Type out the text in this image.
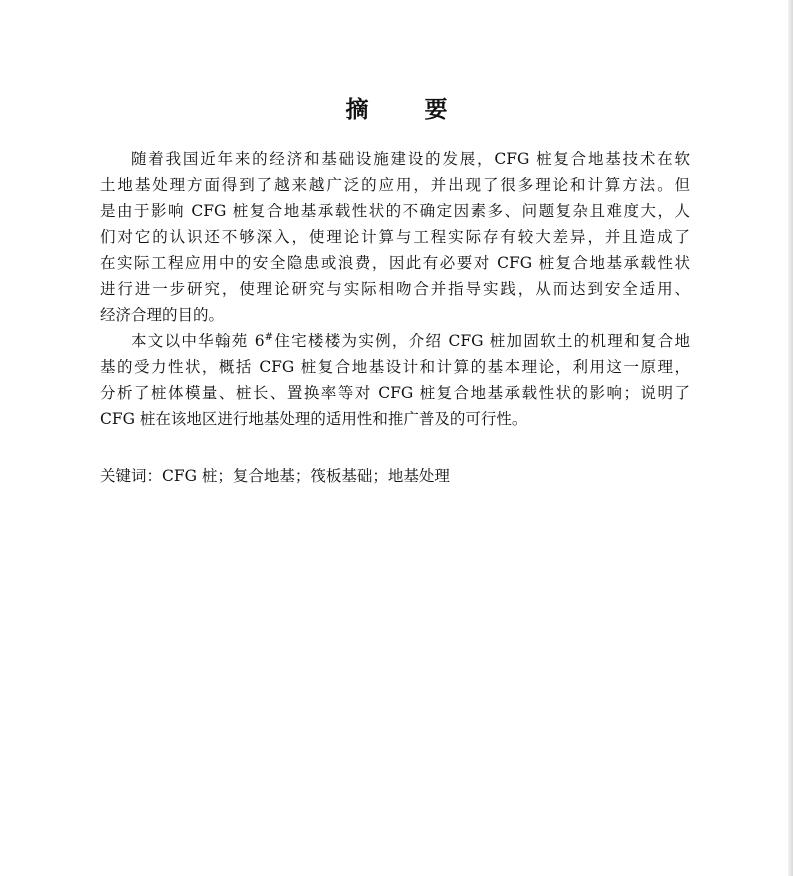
摘 要
随着我国近年来的经济和基础设施建设的发展，CFG 桩复合地基技术在软
土地基处理方面得到了越来越广泛的应用，并出现了很多理论和计算方法。但
是由于影响 CFG 桩复合地基承载性状的不确定因素多、问题复杂且难度大，人
们对它的认识还不够深入，使理论计算与工程实际存有较大差异，并且造成了
在实际工程应用中的安全隐患或浪费，因此有必要对 CFG 桩复合地基承载性状
进行进一步研究，使理论研究与实际相吻合并指导实践，从而达到安全适用、
经济合理的目的。
本文以中华翰苑 6#住宅楼楼为实例，介绍 CFG 桩加固软土的机理和复合地
基的受力性状，概括 CFG 桩复合地基设计和计算的基本理论，利用这一原理，
分析了桩体模量、桩长、置换率等对 CFG 桩复合地基承载性状的影响；说明了
CFG 桩在该地区进行地基处理的适用性和推广普及的可行性。
关键词：CFG 桩；复合地基；筏板基础；地基处理
